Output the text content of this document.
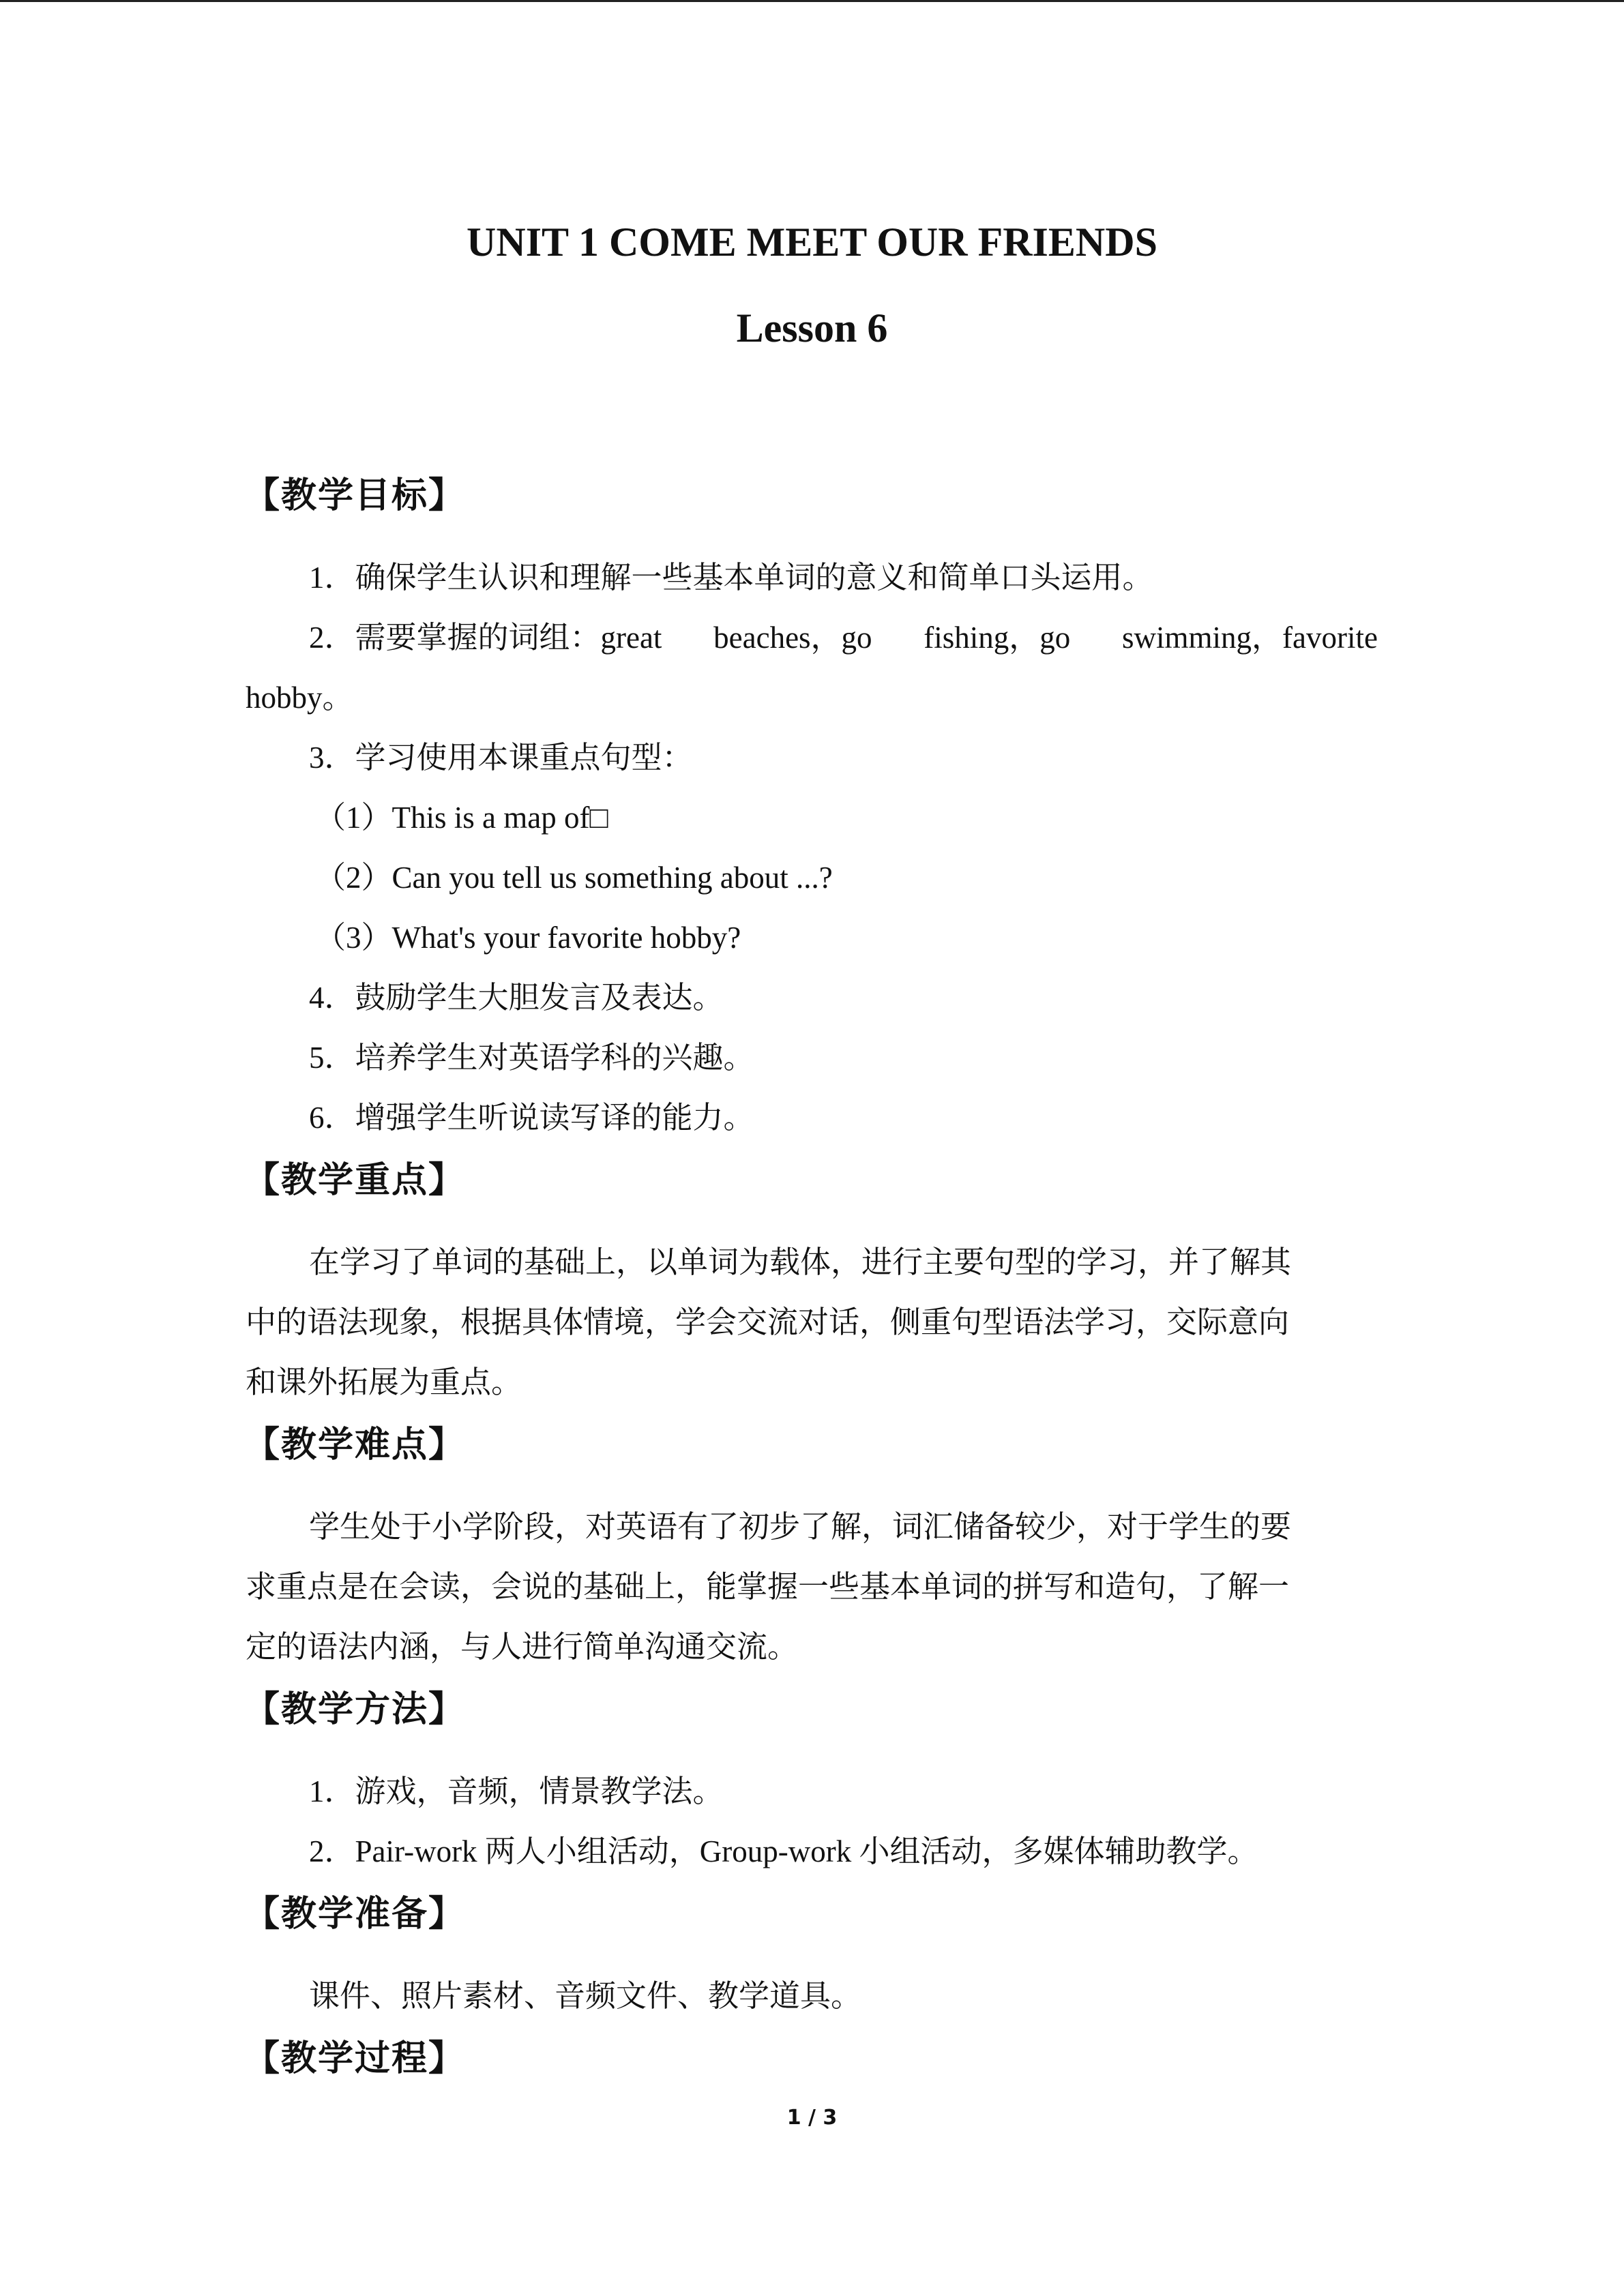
UNIT 1 COME MEET OUR FRIENDS

Lesson 6

【教学目标】

1．确保学生认识和理解一些基本单词的意义和简单口头运用。

2．需要掌握的词组：great beaches，go fishing，go swimming，favorite

hobby。

3．学习使用本课重点句型：

（1）This is a map of□

（2）Can you tell us something about ...?

（3）What's your favorite hobby?

4．鼓励学生大胆发言及表达。

5．培养学生对英语学科的兴趣。

6．增强学生听说读写译的能力。

【教学重点】

在学习了单词的基础上，以单词为载体，进行主要句型的学习，并了解其

中的语法现象，根据具体情境，学会交流对话，侧重句型语法学习，交际意向

和课外拓展为重点。

【教学难点】

学生处于小学阶段，对英语有了初步了解，词汇储备较少，对于学生的要

求重点是在会读，会说的基础上，能掌握一些基本单词的拼写和造句，了解一

定的语法内涵，与人进行简单沟通交流。

【教学方法】

1．游戏，音频，情景教学法。

2．Pair-work 两人小组活动，Group-work 小组活动，多媒体辅助教学。

【教学准备】

课件、照片素材、音频文件、教学道具。

【教学过程】

1 / 3
